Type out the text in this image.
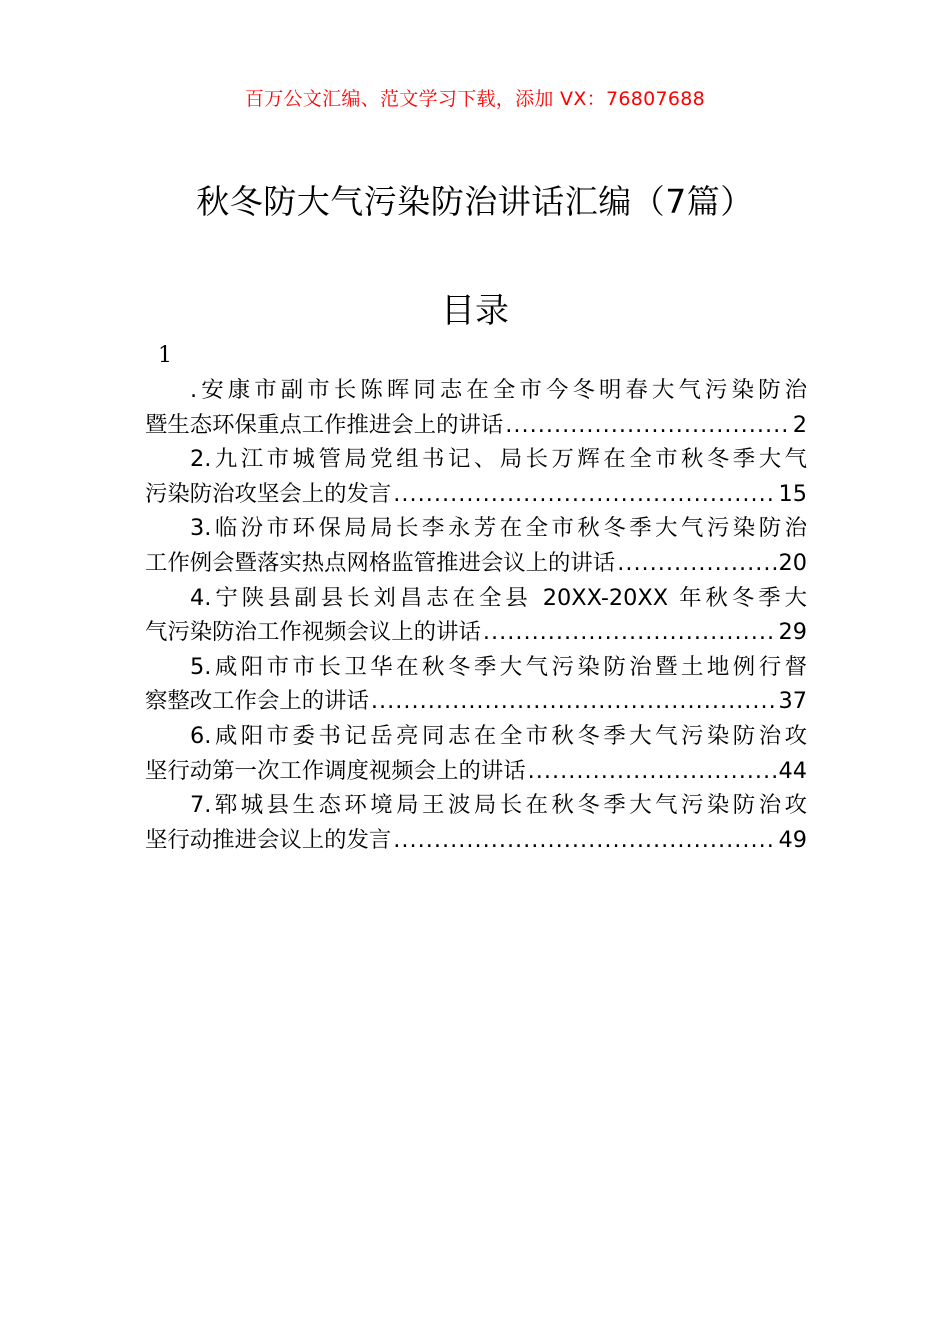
百万公文汇编、范文学习下载，添加 VX：76807688
秋冬防大气污染防治讲话汇编（7篇）
目录
1
.安康市副市长陈晖同志在全市今冬明春大气污染防治
暨生态环保重点工作推进会上的讲话 .....	2
2.九江市城管局党组书记、局长万辉在全市秋冬季大气
污染防治攻坚会上的发言 .....	15
3.临汾市环保局局长李永芳在全市秋冬季大气污染防治
工作例会暨落实热点网格监管推进会议上的讲话 .....	20
4.宁陕县副县长刘昌志在全县 20XX-20XX 年秋冬季大
气污染防治工作视频会议上的讲话 .....	29
5.咸阳市市长卫华在秋冬季大气污染防治暨土地例行督
察整改工作会上的讲话 .....	37
6.咸阳市委书记岳亮同志在全市秋冬季大气污染防治攻
坚行动第一次工作调度视频会上的讲话 .....	44
7.郓城县生态环境局王波局长在秋冬季大气污染防治攻
坚行动推进会议上的发言 .....	49
